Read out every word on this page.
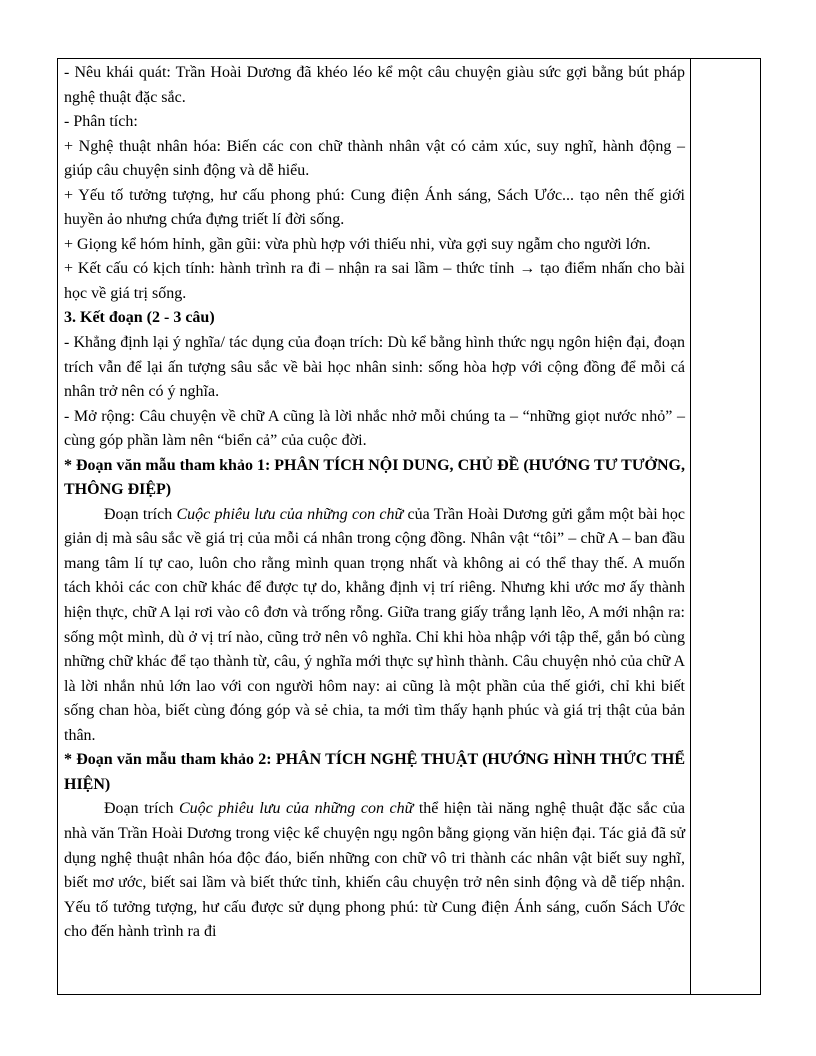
- Nêu khái quát: Trần Hoài Dương đã khéo léo kể một câu chuyện giàu sức gợi bằng bút pháp nghệ thuật đặc sắc.

- Phân tích:

+ Nghệ thuật nhân hóa: Biến các con chữ thành nhân vật có cảm xúc, suy nghĩ, hành động – giúp câu chuyện sinh động và dễ hiểu.

+ Yếu tố tưởng tượng, hư cấu phong phú: Cung điện Ánh sáng, Sách Ước... tạo nên thế giới huyền ảo nhưng chứa đựng triết lí đời sống.

+ Giọng kể hóm hỉnh, gần gũi: vừa phù hợp với thiếu nhi, vừa gợi suy ngẫm cho người lớn.

+ Kết cấu có kịch tính: hành trình ra đi – nhận ra sai lầm – thức tỉnh → tạo điểm nhấn cho bài học về giá trị sống.

3. Kết đoạn (2 - 3 câu)

- Khẳng định lại ý nghĩa/ tác dụng của đoạn trích: Dù kể bằng hình thức ngụ ngôn hiện đại, đoạn trích vẫn để lại ấn tượng sâu sắc về bài học nhân sinh: sống hòa hợp với cộng đồng để mỗi cá nhân trở nên có ý nghĩa.

- Mở rộng: Câu chuyện về chữ A cũng là lời nhắc nhở mỗi chúng ta – “những giọt nước nhỏ” – cùng góp phần làm nên “biển cả” của cuộc đời.

* Đoạn văn mẫu tham khảo 1: PHÂN TÍCH NỘI DUNG, CHỦ ĐỀ (HƯỚNG TƯ TƯỞNG, THÔNG ĐIỆP)

Đoạn trích Cuộc phiêu lưu của những con chữ của Trần Hoài Dương gửi gắm một bài học giản dị mà sâu sắc về giá trị của mỗi cá nhân trong cộng đồng. Nhân vật “tôi” – chữ A – ban đầu mang tâm lí tự cao, luôn cho rằng mình quan trọng nhất và không ai có thể thay thế. A muốn tách khỏi các con chữ khác để được tự do, khẳng định vị trí riêng. Nhưng khi ước mơ ấy thành hiện thực, chữ A lại rơi vào cô đơn và trống rỗng. Giữa trang giấy trắng lạnh lẽo, A mới nhận ra: sống một mình, dù ở vị trí nào, cũng trở nên vô nghĩa. Chỉ khi hòa nhập với tập thể, gắn bó cùng những chữ khác để tạo thành từ, câu, ý nghĩa mới thực sự hình thành. Câu chuyện nhỏ của chữ A là lời nhắn nhủ lớn lao với con người hôm nay: ai cũng là một phần của thế giới, chỉ khi biết sống chan hòa, biết cùng đóng góp và sẻ chia, ta mới tìm thấy hạnh phúc và giá trị thật của bản thân.

* Đoạn văn mẫu tham khảo 2: PHÂN TÍCH NGHỆ THUẬT (HƯỚNG HÌNH THỨC THỂ HIỆN)

Đoạn trích Cuộc phiêu lưu của những con chữ thể hiện tài năng nghệ thuật đặc sắc của nhà văn Trần Hoài Dương trong việc kể chuyện ngụ ngôn bằng giọng văn hiện đại. Tác giả đã sử dụng nghệ thuật nhân hóa độc đáo, biến những con chữ vô tri thành các nhân vật biết suy nghĩ, biết mơ ước, biết sai lầm và biết thức tỉnh, khiến câu chuyện trở nên sinh động và dễ tiếp nhận. Yếu tố tưởng tượng, hư cấu được sử dụng phong phú: từ Cung điện Ánh sáng, cuốn Sách Ước cho đến hành trình ra đi
